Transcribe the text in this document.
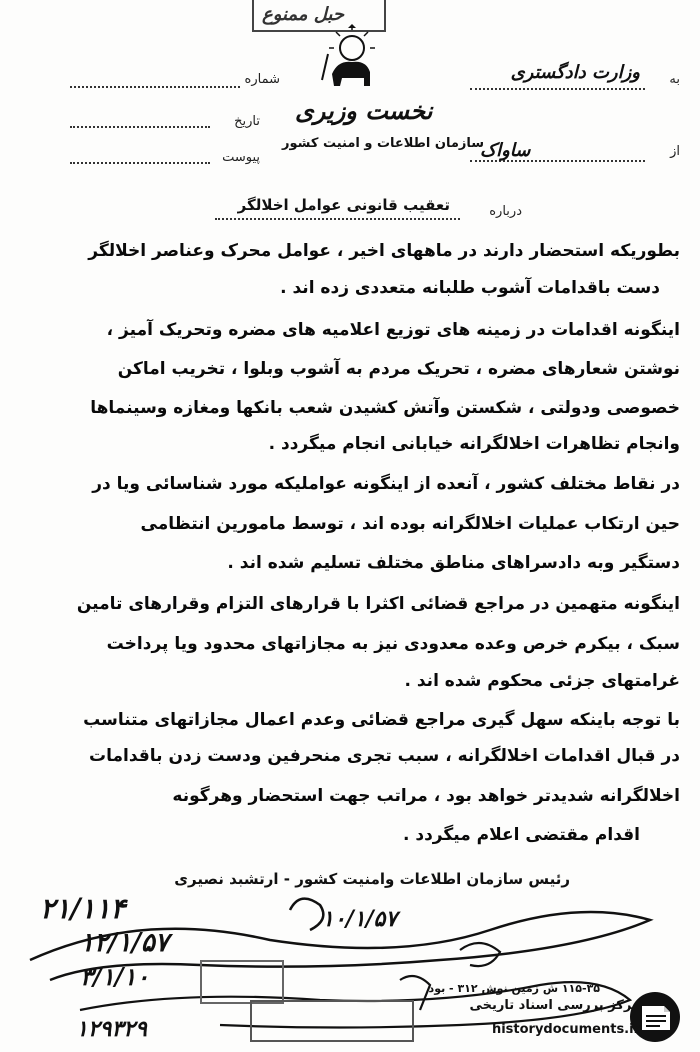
حبل ممنوع
نخست وزیری
سازمان اطلاعات و امنیت کشور
به
وزارت دادگستری
از
ساواک
شماره
تاریخ
پیوست
درباره
تعقیب قانونی عوامل اخلالگر
بطوریکه استحضار دارند در ماههای اخیر ، عوامل محرک وعناصر اخلالگر
دست باقدامات آشوب طلبانه متعددی زده اند .
اینگونه اقدامات در زمینه های توزیع اعلامیه های مضره وتحریک آمیز ،
نوشتن شعارهای مضره ، تحریک مردم به آشوب وبلوا ، تخریب اماکن
خصوصی ودولتی ، شکستن وآتش کشیدن شعب بانکها ومغازه وسینماها
وانجام تظاهرات اخلالگرانه خیابانی انجام میگردد .
در نقاط مختلف کشور ، آنعده از اینگونه عواملیکه مورد شناسائی ویا در
حین ارتکاب عملیات اخلالگرانه بوده اند ، توسط مامورین انتظامی
دستگیر وبه دادسراهای مناطق مختلف تسلیم شده اند .
اینگونه متهمین در مراجع قضائی اکثرا با قرارهای التزام وقرارهای تامین
سبک ، بیکرم خرص وعده معدودی نیز به مجازاتهای محدود ویا پرداخت
غرامتهای جزئی محکوم شده اند .
با توجه باینکه سهل گیری مراجع قضائی وعدم اعمال مجازاتهای متناسب
در قبال اقدامات اخلالگرانه ، سبب تجری منحرفین ودست زدن باقدامات
اخلالگرانه شدیدتر خواهد بود ، مراتب جهت استحضار وهرگونه
اقدام مقتضی اعلام میگردد .
رئیس سازمان اطلاعات وامنیت کشور - ارتشبد نصیری
۲۱/۱۱۴
۱۲/۱/۵۷
۳/۱/۱۰
۱۰/۱/۵۷
۱۲۹۳۲۹
۱۱۵-۳۵ ش زمین نوش ۳۱۲ - بود
مرکز بررسی اسناد تاریخی
historydocuments.ir
